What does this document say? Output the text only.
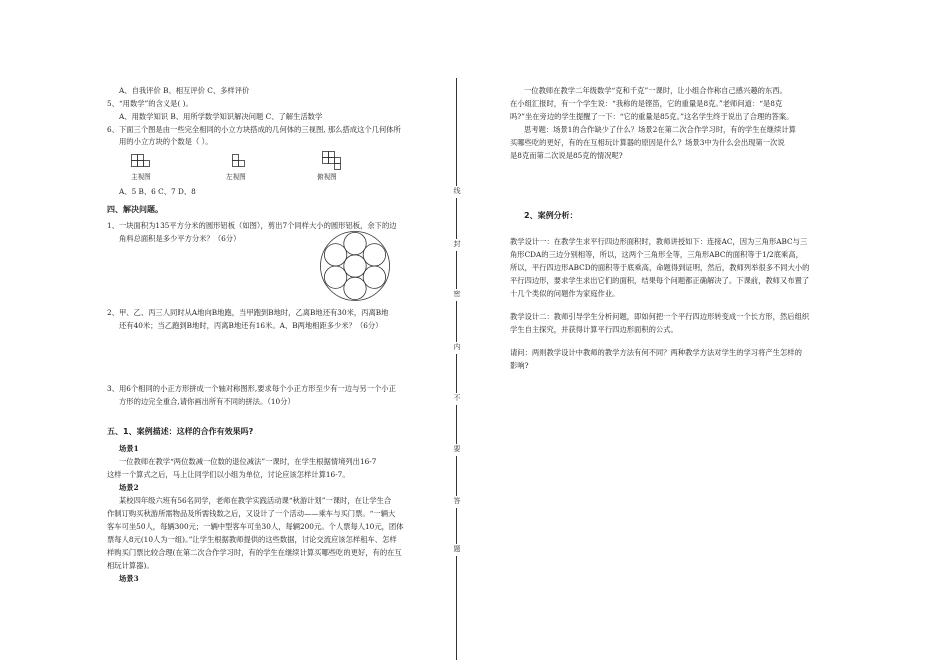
A、自我评价 B、相互评价 C、多样评价
5、“用数学”的含义是( )。
A、用数学知识 B、用所学数学知识解决问题 C、了解生活数学
6、下面三个图是由一些完全相同的小立方块搭成的几何体的三视图, 那么搭成这个几何体所
用的小立方块的个数是（ ）。
主视图	左视图	俯视图
A、5 B、6 C、7 D、8
四、解决问题。
1、一块面积为135平方分米的圆形铝板（如图），剪出7个同样大小的圆形铝板，余下的边
角料总面积是多少平方分米？（6分）
2、甲、乙、丙三人同时从A地向B地跑，当甲跑到B地时，乙离B地还有30米，丙离B地
还有40米；当乙跑到B地时，丙离B地还有16米。A、B两地相距多少米？（6分）
3、用6个相同的小正方形拼成一个轴对称图形,要求每个小正方形至少有一边与另一个小正
方形的边完全重合,请你画出所有不同的拼法。（10分）
五、1、案例描述：这样的合作有效果吗?
场景1
一位教师在教学“两位数减一位数的退位减法”一课时，在学生根据情境列出16-7
这样一个算式之后，马上让同学们以小组为单位，讨论应该怎样计算16-7。
场景2
某校四年级六班有56名同学，老师在教学实践活动课“秋游计划”一课时，在让学生合
作制订购买秋游所需物品及所需钱数之后，又设计了一个活动——乘车与买门票。“一辆大
客车可坐50人，每辆300元；一辆中型客车可坐30人，每辆200元。个人票每人10元，团体
票每人8元(10人为一组)。”让学生根据教师提供的这些数据，讨论交流应该怎样租车、怎样
样购买门票比较合理(在第二次合作学习时，有的学生在继续计算买哪些吃的更好，有的在互
相玩计算器)。
场景3
线
封
密
内
不
要
答
题
一位教师在教学二年级数学“克和千克”一课时，让小组合作称自己感兴趣的东西。
在小组汇报时，有一个学生说：“我称的是铿笛，它的重量是8克。”老师问道：“是8克
吗?”坐在旁边的学生提醒了一下：“它的重量是85克。”这名学生终于说出了合理的答案。
思考题：场景1的合作缺少了什么？场景2在第二次合作学习时，有的学生在继续计算
买哪些吃的更好，有的在互相玩计算器的原因是什么？场景3中为什么会出现第一次说
是8克而第二次说是85克的情况呢?
2、案例分析：
教学设计一：在教学生求平行四边形面积时，教师讲授如下：连接AC，因为三角形ABC与三
角形CDA的三边分别相等，所以，这两个三角形全等，三角形ABC的面积等于1/2底乘高，
所以，平行四边形ABCD的面积等于底乘高，命题得到证明，然后，教师列举很多不同大小的
平行四边形，要求学生求出它们的面积，结果每个问题都正确解决了。下课前，教师又布置了
十几个类似的问题作为家庭作业。
教学设计二：教师引导学生分析问题，即如何把一个平行四边形转变成一个长方形，然后组织
学生自主探究，并获得计算平行四边形面积的公式。
请问：两则教学设计中教师的教学方法有何不同？两种教学方法对学生的学习将产生怎样的
影响?
